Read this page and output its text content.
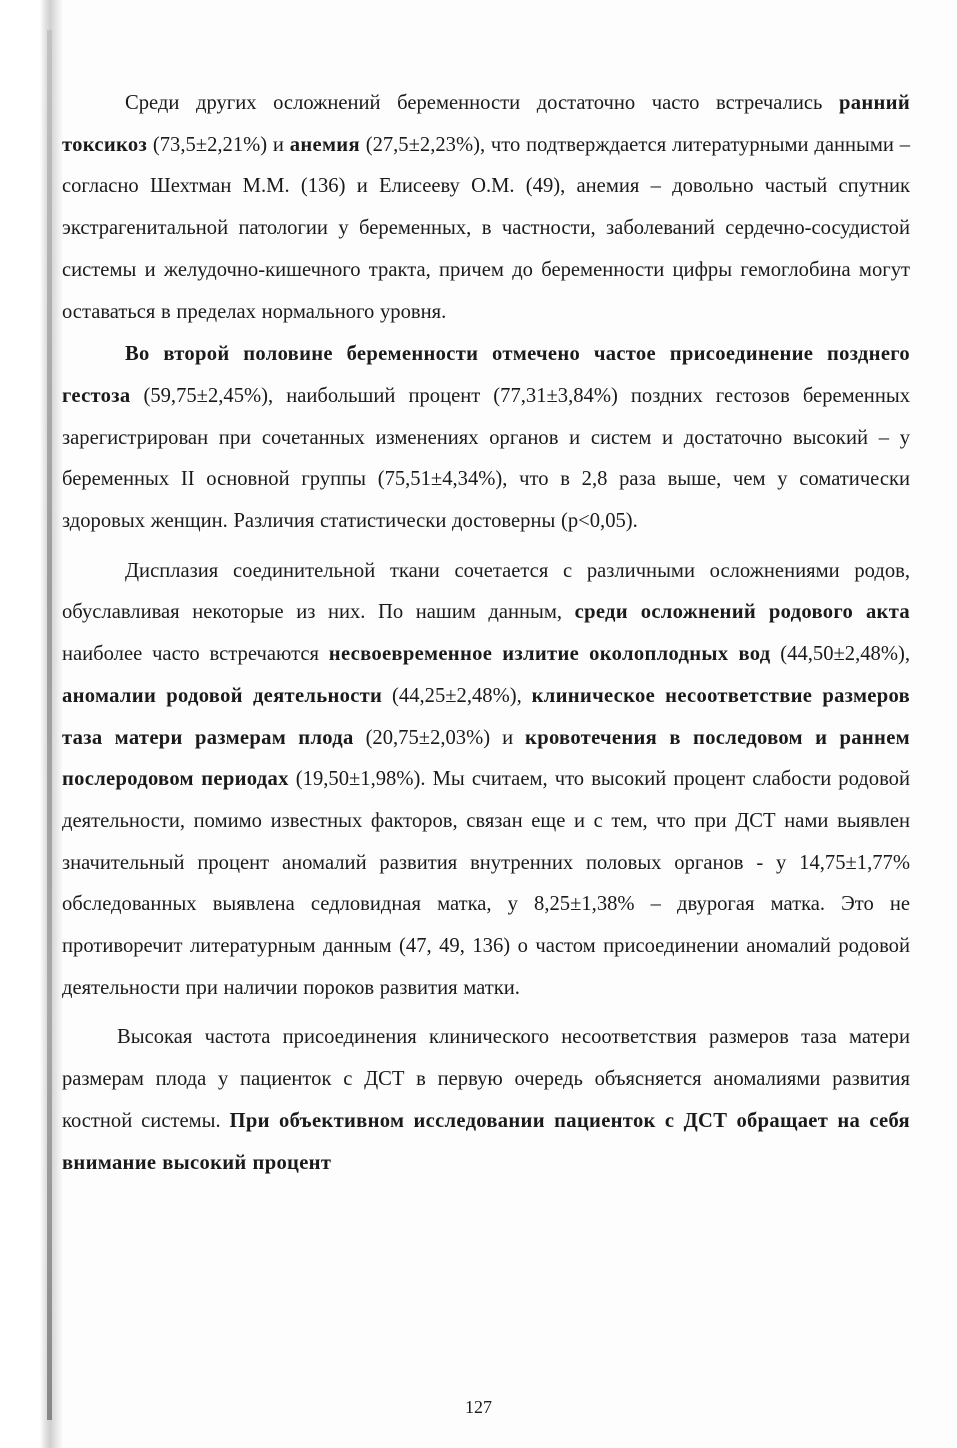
Среди других осложнений беременности достаточно часто встречались ранний токсикоз (73,5±2,21%) и анемия (27,5±2,23%), что подтверждается литературными данными – согласно Шехтман М.М. (136) и Елисееву О.М. (49), анемия – довольно частый спутник экстрагенитальной патологии у беременных, в частности, заболеваний сердечно-сосудистой системы и желудочно-кишечного тракта, причем до беременности цифры гемоглобина могут оставаться в пределах нормального уровня.

Во второй половине беременности отмечено частое присоединение позднего гестоза (59,75±2,45%), наибольший процент (77,31±3,84%) поздних гестозов беременных зарегистрирован при сочетанных изменениях органов и систем и достаточно высокий – у беременных II основной группы (75,51±4,34%), что в 2,8 раза выше, чем у соматически здоровых женщин. Различия статистически достоверны (р<0,05).

Дисплазия соединительной ткани сочетается с различными осложнениями родов, обуславливая некоторые из них. По нашим данным, среди осложнений родового акта наиболее часто встречаются несвоевременное излитие околоплодных вод (44,50±2,48%), аномалии родовой деятельности (44,25±2,48%), клиническое несоответствие размеров таза матери размерам плода (20,75±2,03%) и кровотечения в последовом и раннем послеродовом периодах (19,50±1,98%). Мы считаем, что высокий процент слабости родовой деятельности, помимо известных факторов, связан еще и с тем, что при ДСТ нами выявлен значительный процент аномалий развития внутренних половых органов - у 14,75±1,77% обследованных выявлена седловидная матка, у 8,25±1,38% – двурогая матка. Это не противоречит литературным данным (47, 49, 136) о частом присоединении аномалий родовой деятельности при наличии пороков развития матки.

Высокая частота присоединения клинического несоответствия размеров таза матери размерам плода у пациенток с ДСТ в первую очередь объясняется аномалиями развития костной системы. При объективном исследовании пациенток с ДСТ обращает на себя внимание высокий процент

127
